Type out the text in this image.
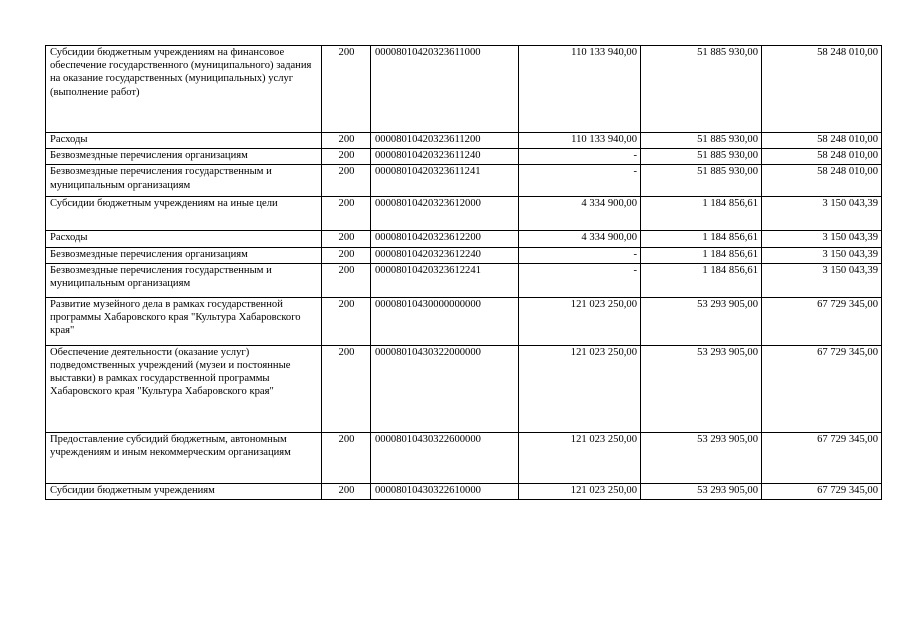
Субсидии бюджетным учреждениям на финансовое обеспечение государственного (муниципального) задания на оказание государственных (муниципальных) услуг (выполнение работ)	200	00008010420323611000	110 133 940,00	51 885 930,00	58 248 010,00
Расходы	200	00008010420323611200	110 133 940,00	51 885 930,00	58 248 010,00
Безвозмездные перечисления организациям	200	00008010420323611240	-	51 885 930,00	58 248 010,00
Безвозмездные перечисления государственным и муниципальным организациям	200	00008010420323611241	-	51 885 930,00	58 248 010,00
Субсидии бюджетным учреждениям на иные цели	200	00008010420323612000	4 334 900,00	1 184 856,61	3 150 043,39
Расходы	200	00008010420323612200	4 334 900,00	1 184 856,61	3 150 043,39
Безвозмездные перечисления организациям	200	00008010420323612240	-	1 184 856,61	3 150 043,39
Безвозмездные перечисления государственным и муниципальным организациям	200	00008010420323612241	-	1 184 856,61	3 150 043,39
Развитие музейного дела в рамках государственной программы Хабаровского края "Культура Хабаровского края"	200	00008010430000000000	121 023 250,00	53 293 905,00	67 729 345,00
Обеспечение деятельности (оказание услуг) подведомственных учреждений (музеи и постоянные выставки) в рамках государственной программы Хабаровского края "Культура Хабаровского края"	200	00008010430322000000	121 023 250,00	53 293 905,00	67 729 345,00
Предоставление субсидий бюджетным, автономным учреждениям и иным некоммерческим организациям	200	00008010430322600000	121 023 250,00	53 293 905,00	67 729 345,00
Субсидии бюджетным учреждениям	200	00008010430322610000	121 023 250,00	53 293 905,00	67 729 345,00
